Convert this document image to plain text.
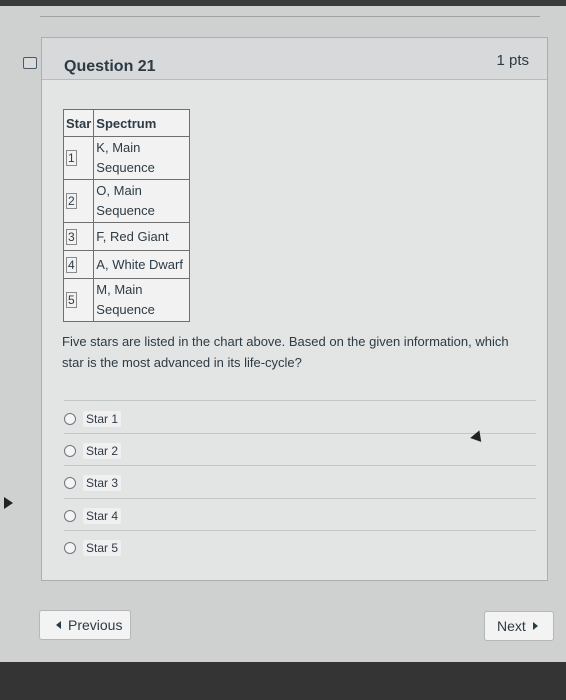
Question 21	1 pts
Star	Spectrum
1	K, Main
Sequence
2	O, Main
Sequence
3	F, Red Giant
4	A, White Dwarf
5	M, Main
Sequence
Five stars are listed in the chart above. Based on the given information, which star is the most advanced in its life-cycle?
Star 1
Star 2
Star 3
Star 4
Star 5
Previous	Next
